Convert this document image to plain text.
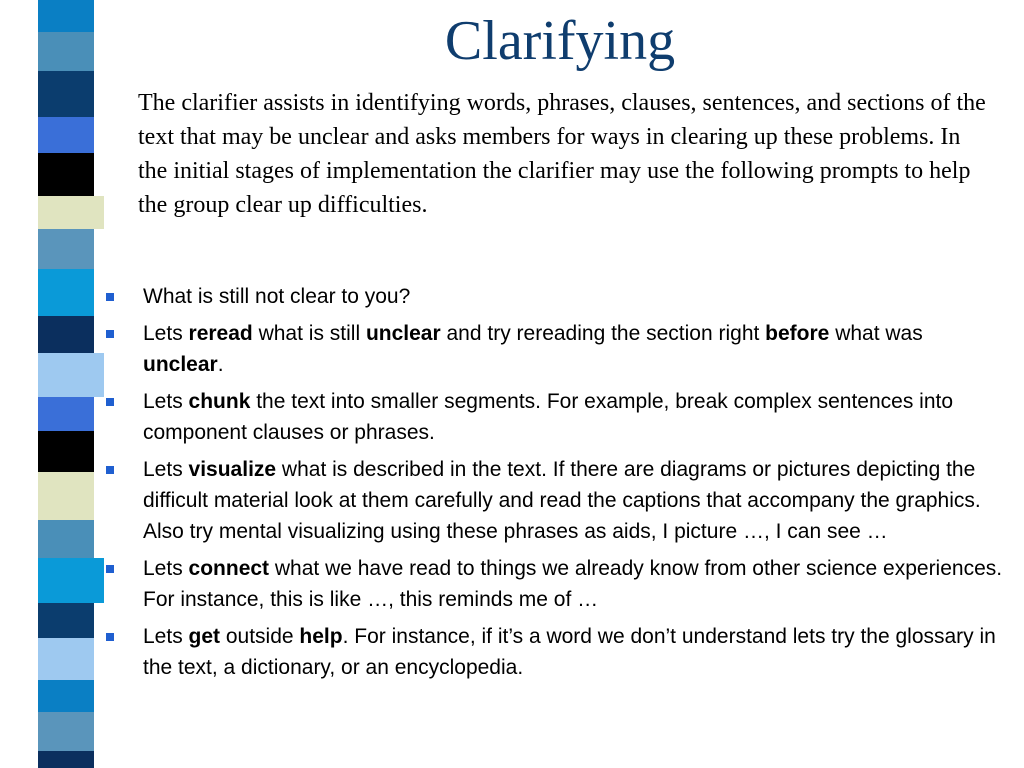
Clarifying
The clarifier assists in identifying words, phrases, clauses, sentences, and sections of the text that may be unclear and asks members for ways in clearing up these problems. In the initial stages of implementation the clarifier may use the following prompts to help the group clear up difficulties.
What is still not clear to you?
Lets reread what is still unclear and try rereading the section right before what was unclear.
Lets chunk the text into smaller segments. For example, break complex sentences into component clauses or phrases.
Lets visualize what is described in the text. If there are diagrams or pictures depicting the difficult material look at them carefully and read the captions that accompany the graphics. Also try mental visualizing using these phrases as aids, I picture …, I can see …
Lets connect what we have read to things we already know from other science experiences. For instance, this is like …, this reminds me of …
Lets get outside help. For instance, if it’s a word we don’t understand lets try the glossary in the text, a dictionary, or an encyclopedia.
